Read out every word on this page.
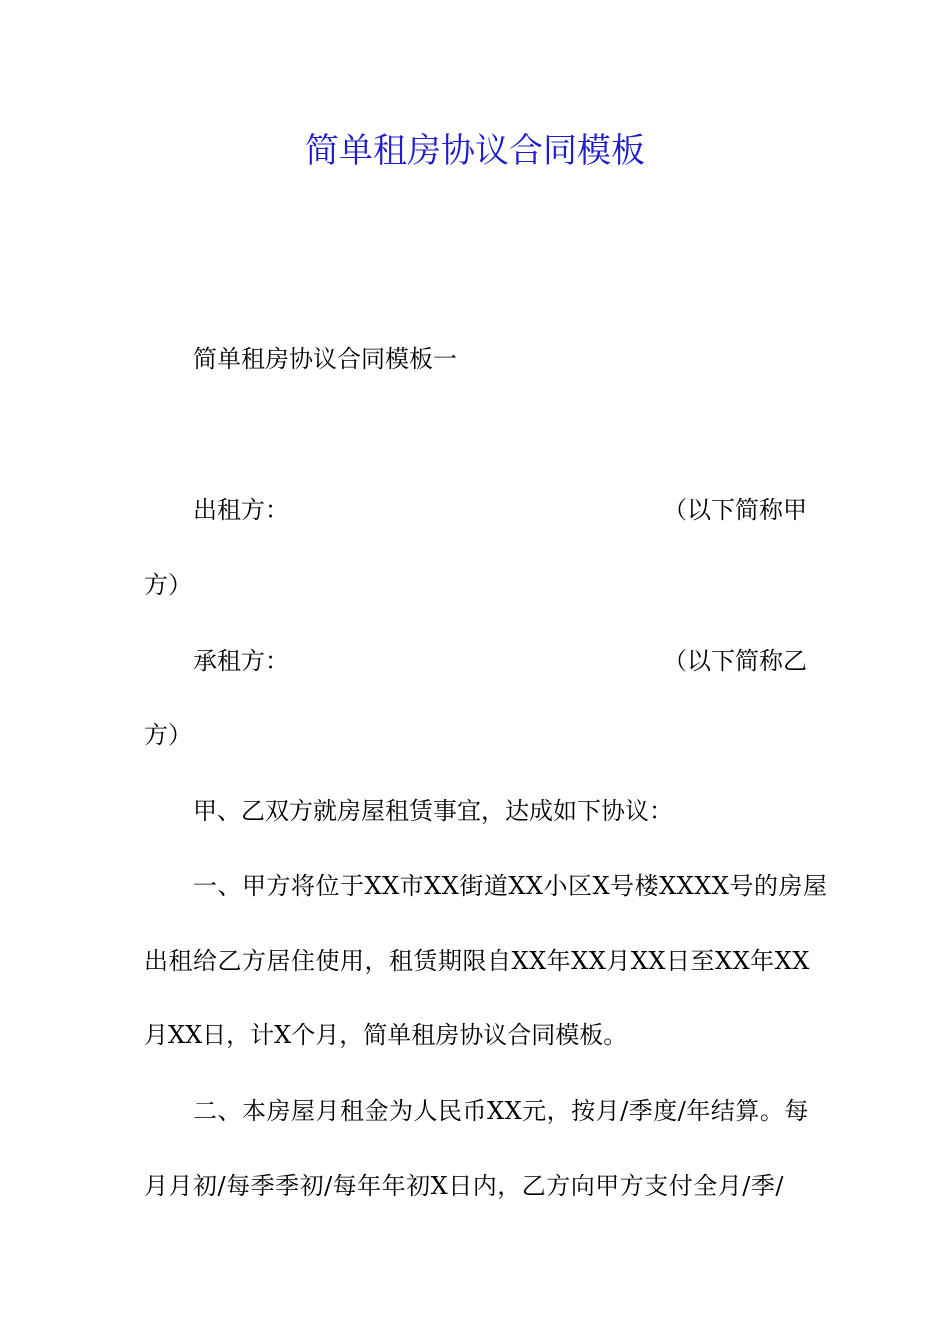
简单租房协议合同模板

简单租房协议合同模板一

出租方：	（以下简称甲

方）

承租方：	（以下简称乙

方）

甲、乙双方就房屋租赁事宜，达成如下协议：

一、甲方将位于XX市XX街道XX小区X号楼XXXX号的房屋

出租给乙方居住使用，租赁期限自XX年XX月XX日至XX年XX

月XX日，计X个月，简单租房协议合同模板。

二、本房屋月租金为人民币XX元，按月/季度/年结算。每

月月初/每季季初/每年年初X日内，乙方向甲方支付全月/季/
